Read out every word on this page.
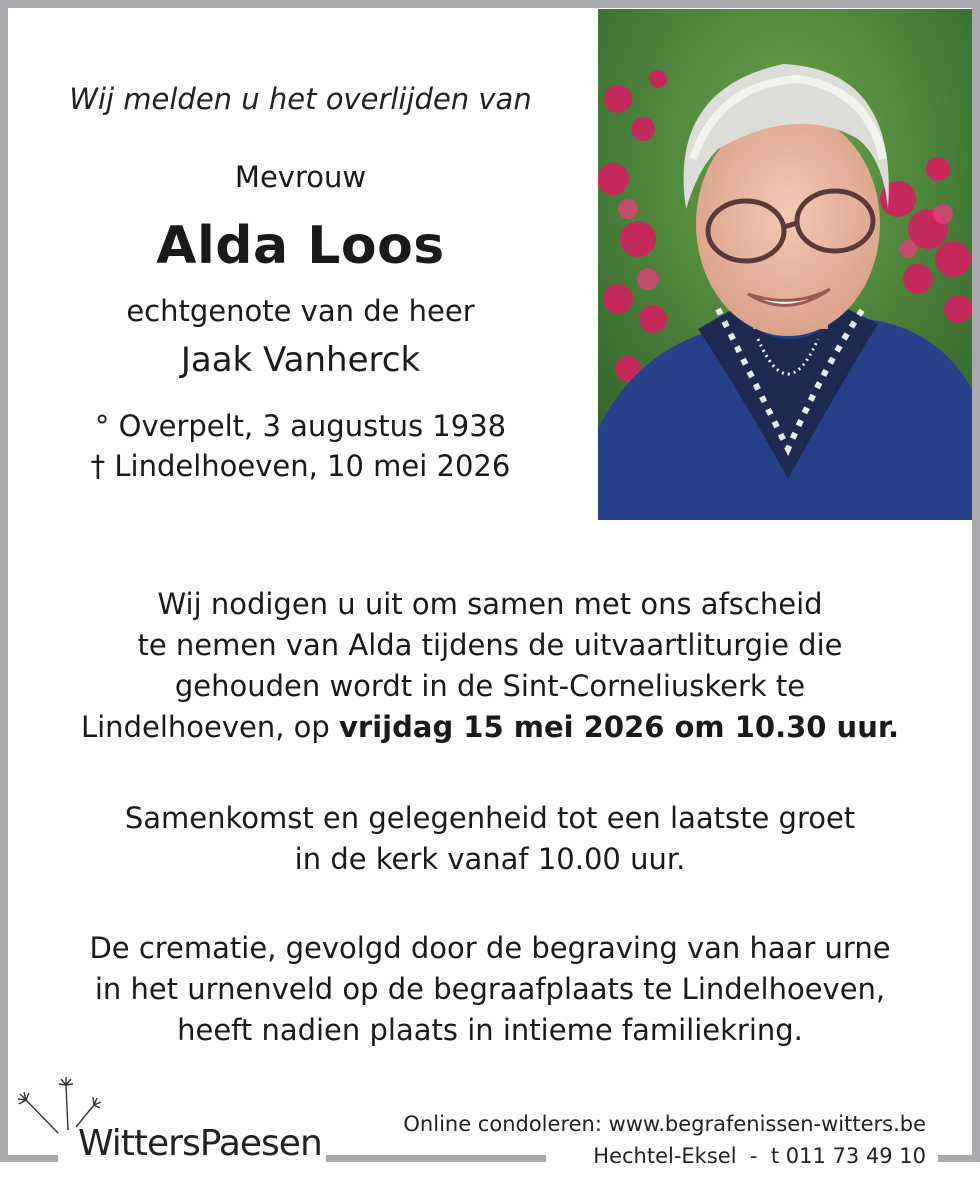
Wij melden u het overlijden van
Mevrouw
Alda Loos
echtgenote van de heer
Jaak Vanherck
° Overpelt, 3 augustus 1938
† Lindelhoeven, 10 mei 2026
Wij nodigen u uit om samen met ons afscheid
te nemen van Alda tijdens de uitvaartliturgie die
gehouden wordt in de Sint-Corneliuskerk te
Lindelhoeven, op vrijdag 15 mei 2026 om 10.30 uur.
Samenkomst en gelegenheid tot een laatste groet
in de kerk vanaf 10.00 uur.
De crematie, gevolgd door de begraving van haar urne
in het urnenveld op de begraafplaats te Lindelhoeven,
heeft nadien plaats in intieme familiekring.
WittersPaesen	Online condoleren: www.begrafenissen-witters.be
Hechtel-Eksel  -  t 011 73 49 10
